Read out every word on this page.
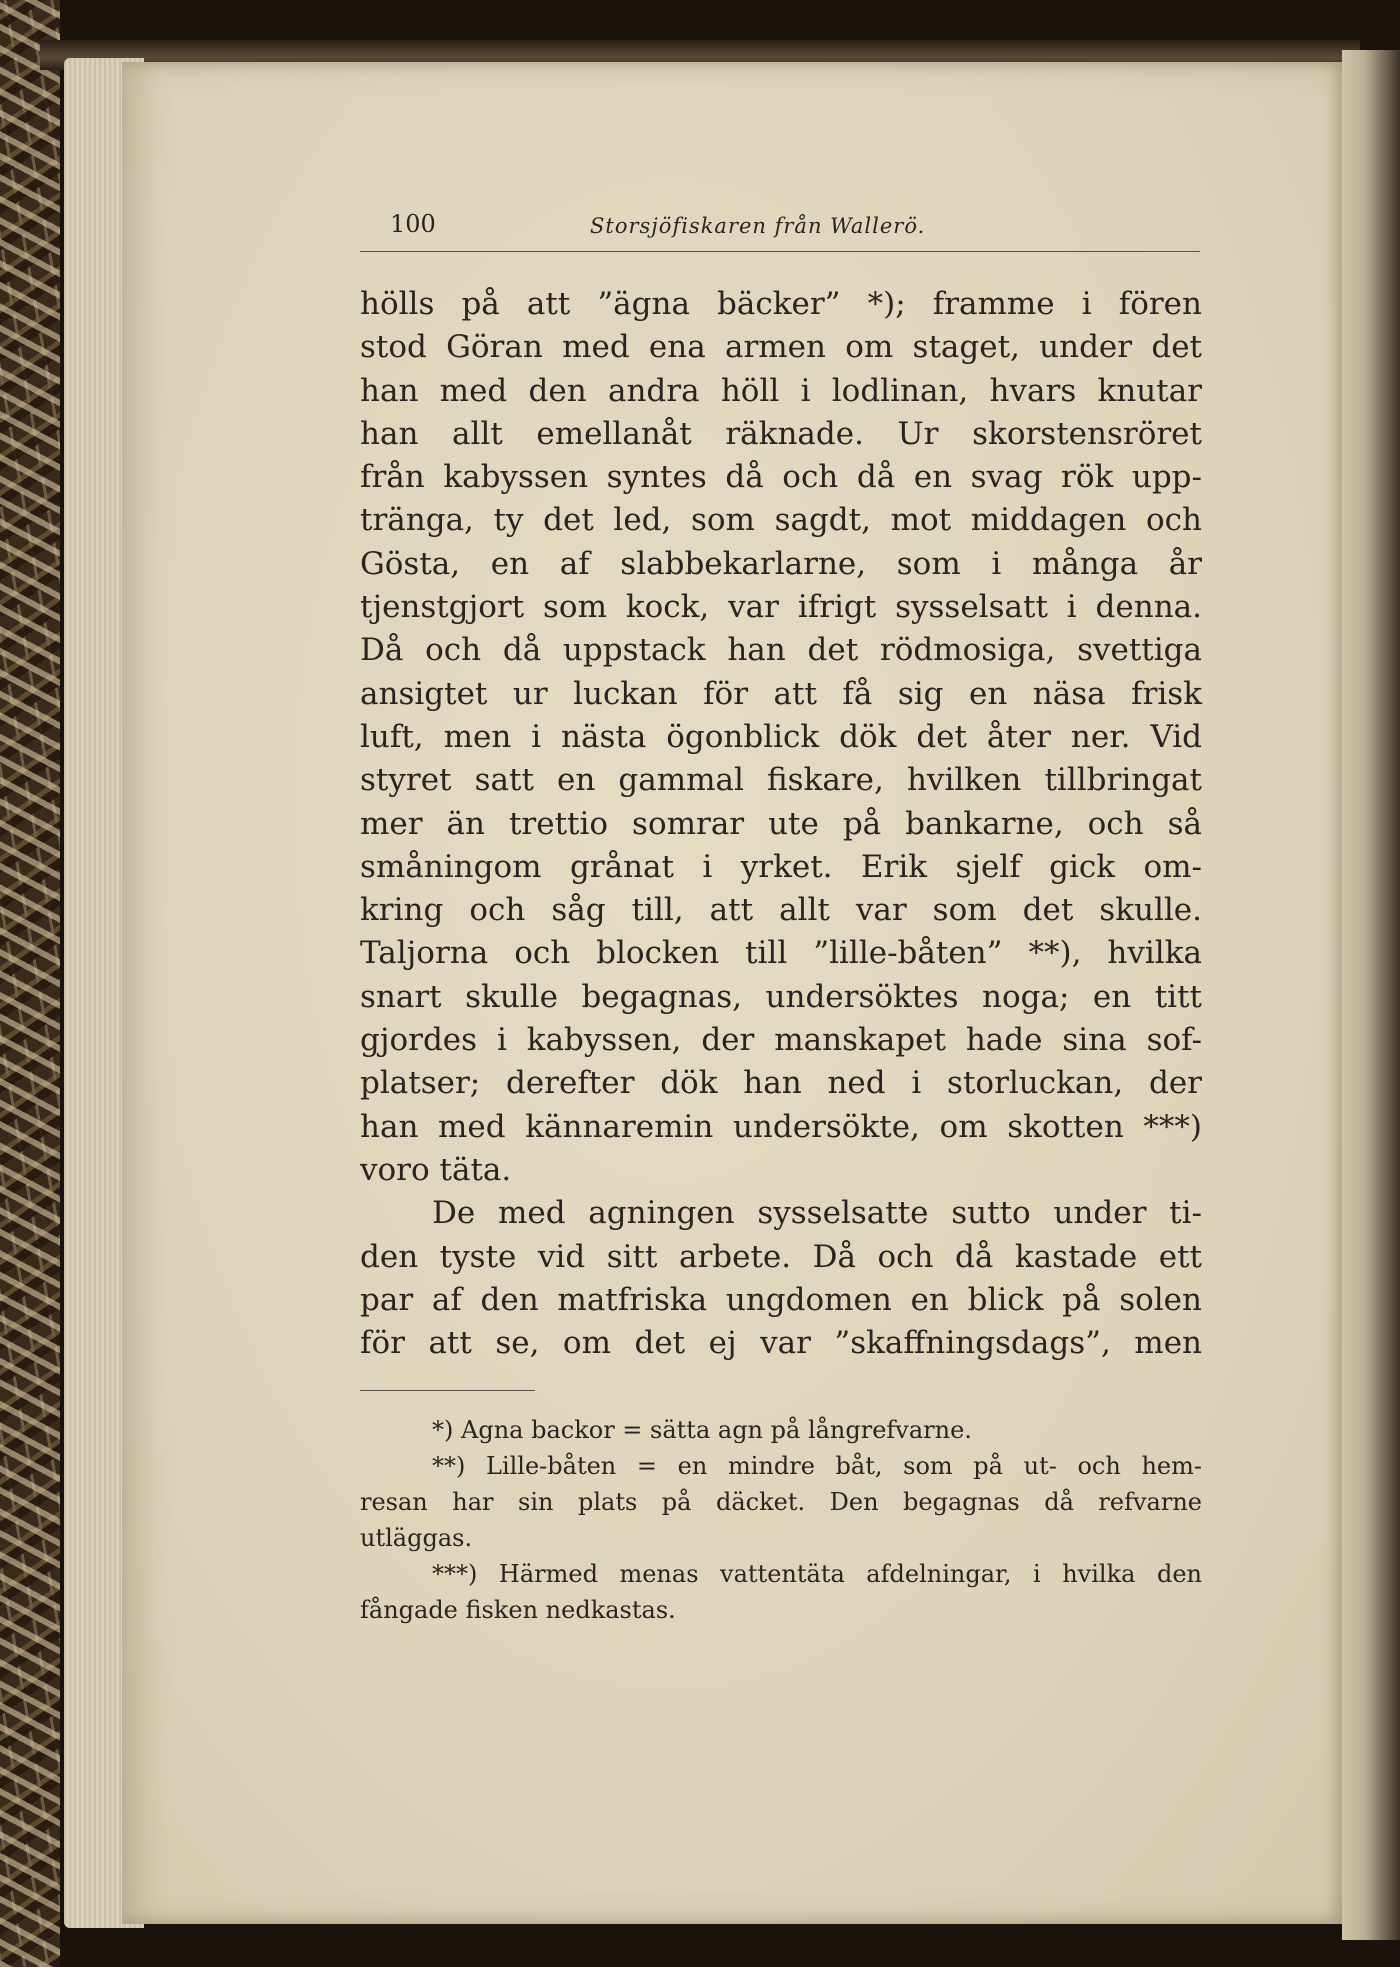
100	Storsjöfiskaren från Wallerö.
hölls på att ”ägna bäcker” *); framme i fören
stod Göran med ena armen om staget, under det
han med den andra höll i lodlinan, hvars knutar
han allt emellanåt räknade. Ur skorstensröret
från kabyssen syntes då och då en svag rök upp-
tränga, ty det led, som sagdt, mot middagen och
Gösta, en af slabbekarlarne, som i många år
tjenstgjort som kock, var ifrigt sysselsatt i denna.
Då och då uppstack han det rödmosiga, svettiga
ansigtet ur luckan för att få sig en näsa frisk
luft, men i nästa ögonblick dök det åter ner. Vid
styret satt en gammal fiskare, hvilken tillbringat
mer än trettio somrar ute på bankarne, och så
småningom grånat i yrket. Erik sjelf gick om-
kring och såg till, att allt var som det skulle.
Taljorna och blocken till ”lille-båten” **), hvilka
snart skulle begagnas, undersöktes noga; en titt
gjordes i kabyssen, der manskapet hade sina sof-
platser; derefter dök han ned i storluckan, der
han med kännaremin undersökte, om skotten ***)
voro täta.
De med agningen sysselsatte sutto under ti-
den tyste vid sitt arbete. Då och då kastade ett
par af den matfriska ungdomen en blick på solen
för att se, om det ej var ”skaffningsdags”, men
*) Agna backor = sätta agn på långrefvarne.
**) Lille-båten = en mindre båt, som på ut- och hem-
resan har sin plats på däcket. Den begagnas då refvarne
utläggas.
***) Härmed menas vattentäta afdelningar, i hvilka den
fångade fisken nedkastas.
